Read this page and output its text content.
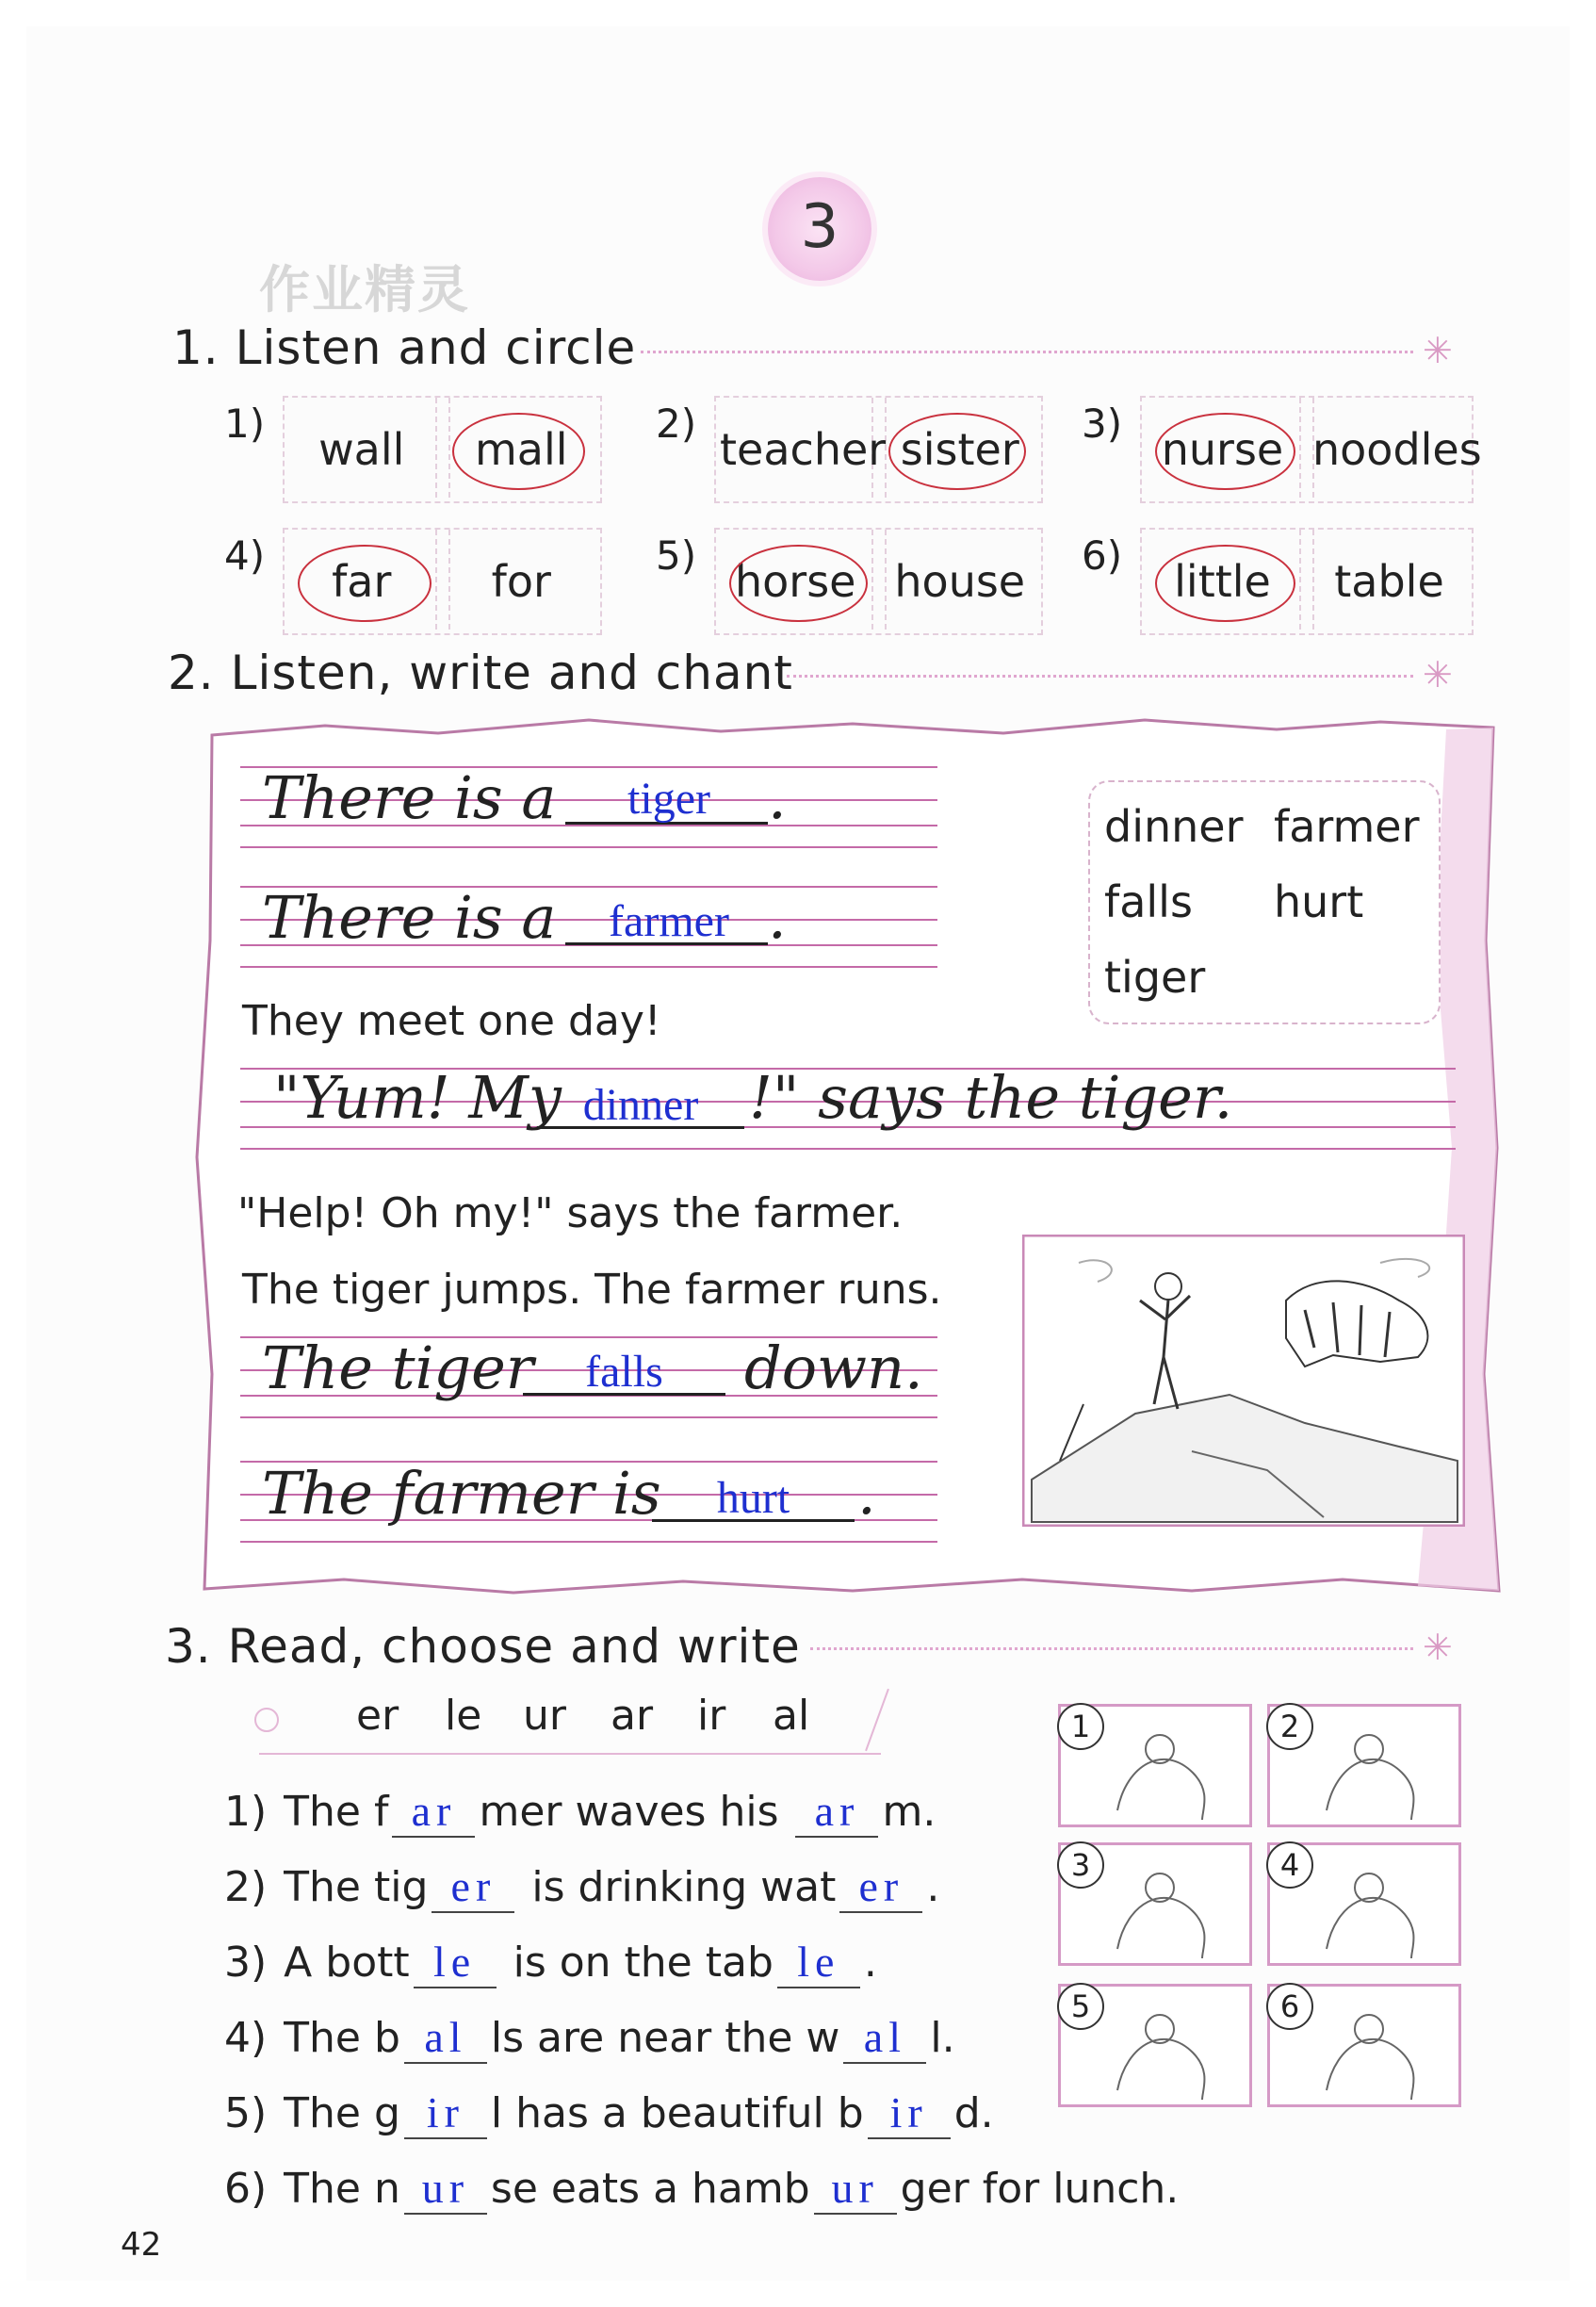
3
作业精灵
1. Listen and circle	✳
1)
wall	mall
2)
teacher sister
3)
nurse noodles
4)
far	for
5)
horse house
6)
little	table
2. Listen, write and chant	✳
There is a	tiger .
There is a	farmer .
They meet one day!
"Yum! My dinner !" says the tiger.
"Help! Oh my!" says the farmer.
The tiger jumps. The farmer runs.
The tiger	falls	down.
The farmer is	hurt	.
dinner farmer
falls hurt
tiger
3. Read, choose and write	✳
er le ur ar ir al
1) The f ar mer waves his ar m.
2) The tig er is drinking wat er .
3) A bott le is on the tab le .
4) The b al ls are near the w al l.
5) The g ir l has a beautiful b ir d.
6) The n ur se eats a hamb ur ger for lunch.
1	2
3	4
5	6
42
